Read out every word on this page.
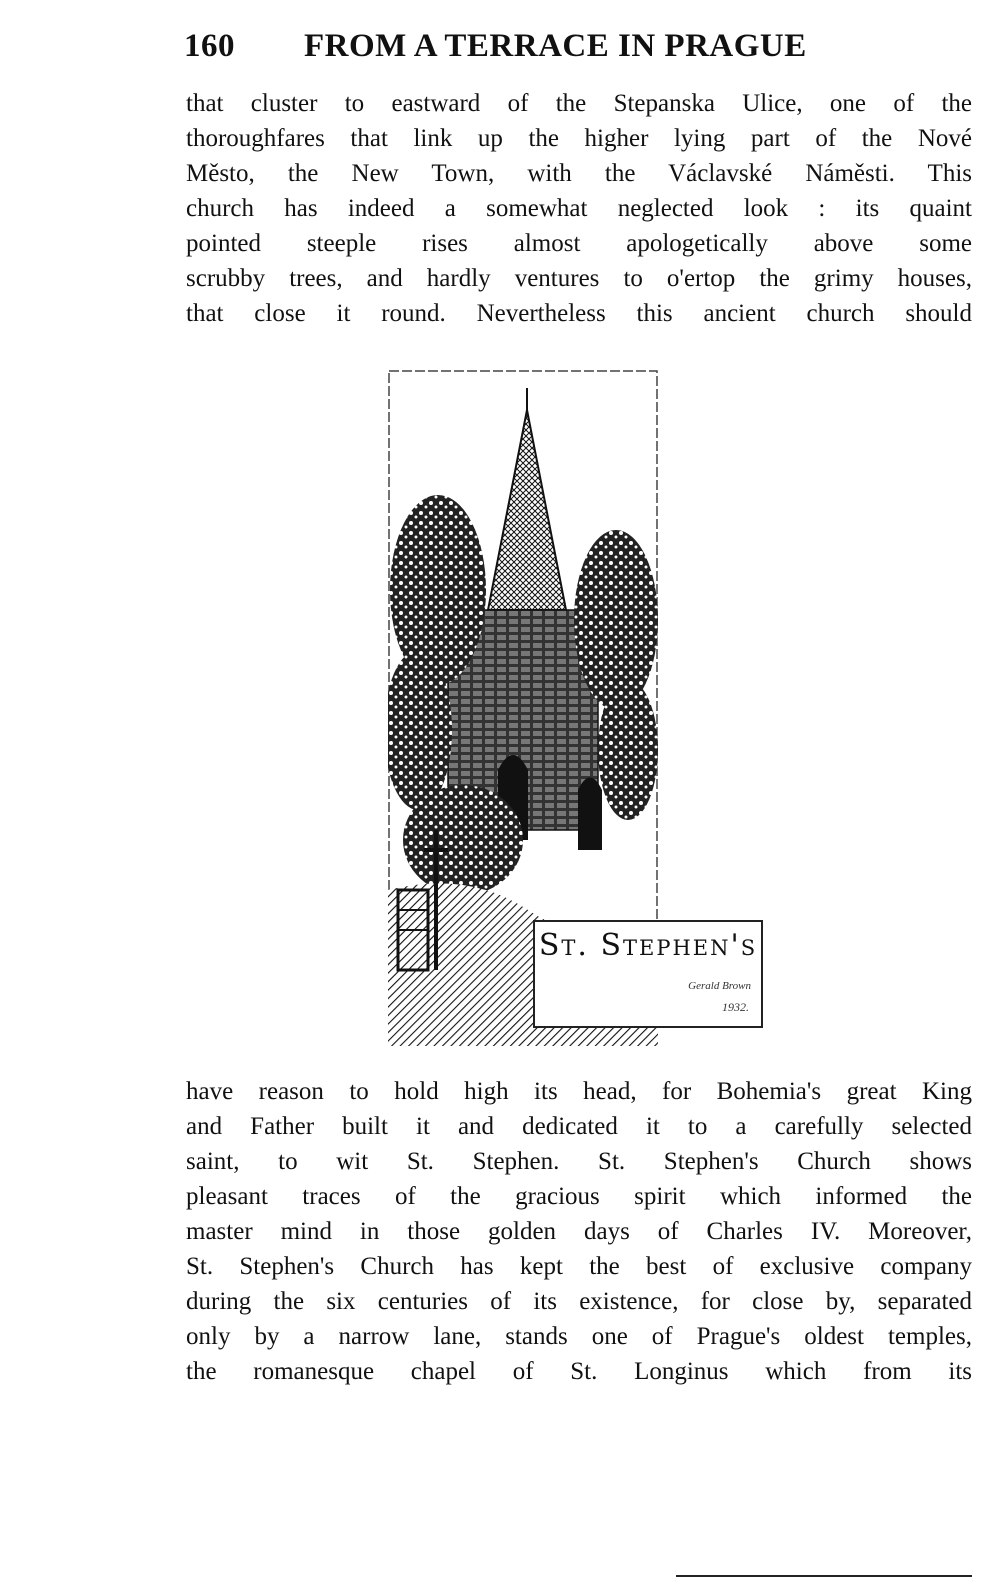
160 FROM A TERRACE IN PRAGUE
that cluster to eastward of the Stepanska Ulice, one of the
thoroughfares that link up the higher lying part of the Nové
Město, the New Town, with the Václavské Náměsti. This
church has indeed a somewhat neglected look : its quaint
pointed steeple rises almost apologetically above some
scrubby trees, and hardly ventures to o'ertop the grimy houses,
that close it round. Nevertheless this ancient church should
St. Stephen's
Gerald Brown
1932.
have reason to hold high its head, for Bohemia's great King
and Father built it and dedicated it to a carefully selected
saint, to wit St. Stephen. St. Stephen's Church shows
pleasant traces of the gracious spirit which informed the
master mind in those golden days of Charles IV. Moreover,
St. Stephen's Church has kept the best of exclusive company
during the six centuries of its existence, for close by, separated
only by a narrow lane, stands one of Prague's oldest temples,
the romanesque chapel of St. Longinus which from its
